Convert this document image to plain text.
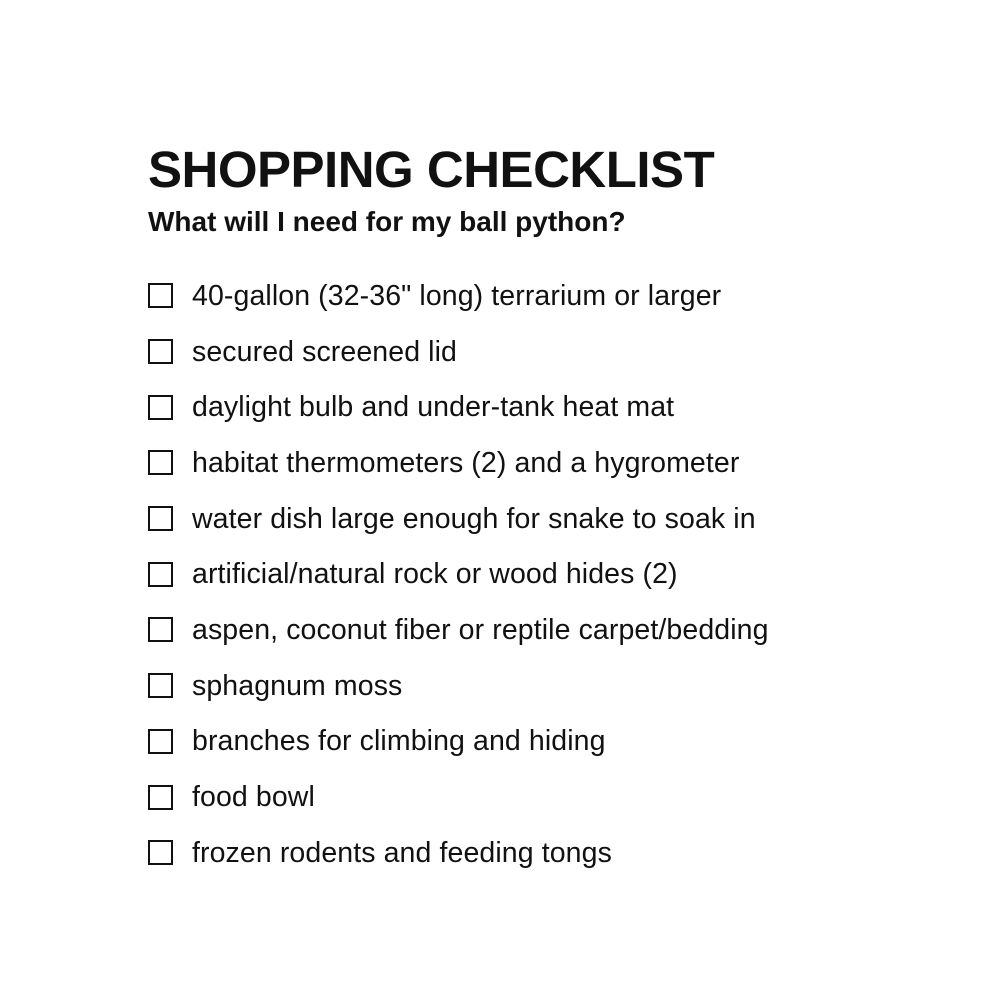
SHOPPING CHECKLIST
What will I need for my ball python?
40-gallon (32-36" long) terrarium or larger
secured screened lid
daylight bulb and under-tank heat mat
habitat thermometers (2) and a hygrometer
water dish large enough for snake to soak in
artificial/natural rock or wood hides (2)
aspen, coconut fiber or reptile carpet/bedding
sphagnum moss
branches for climbing and hiding
food bowl
frozen rodents and feeding tongs
